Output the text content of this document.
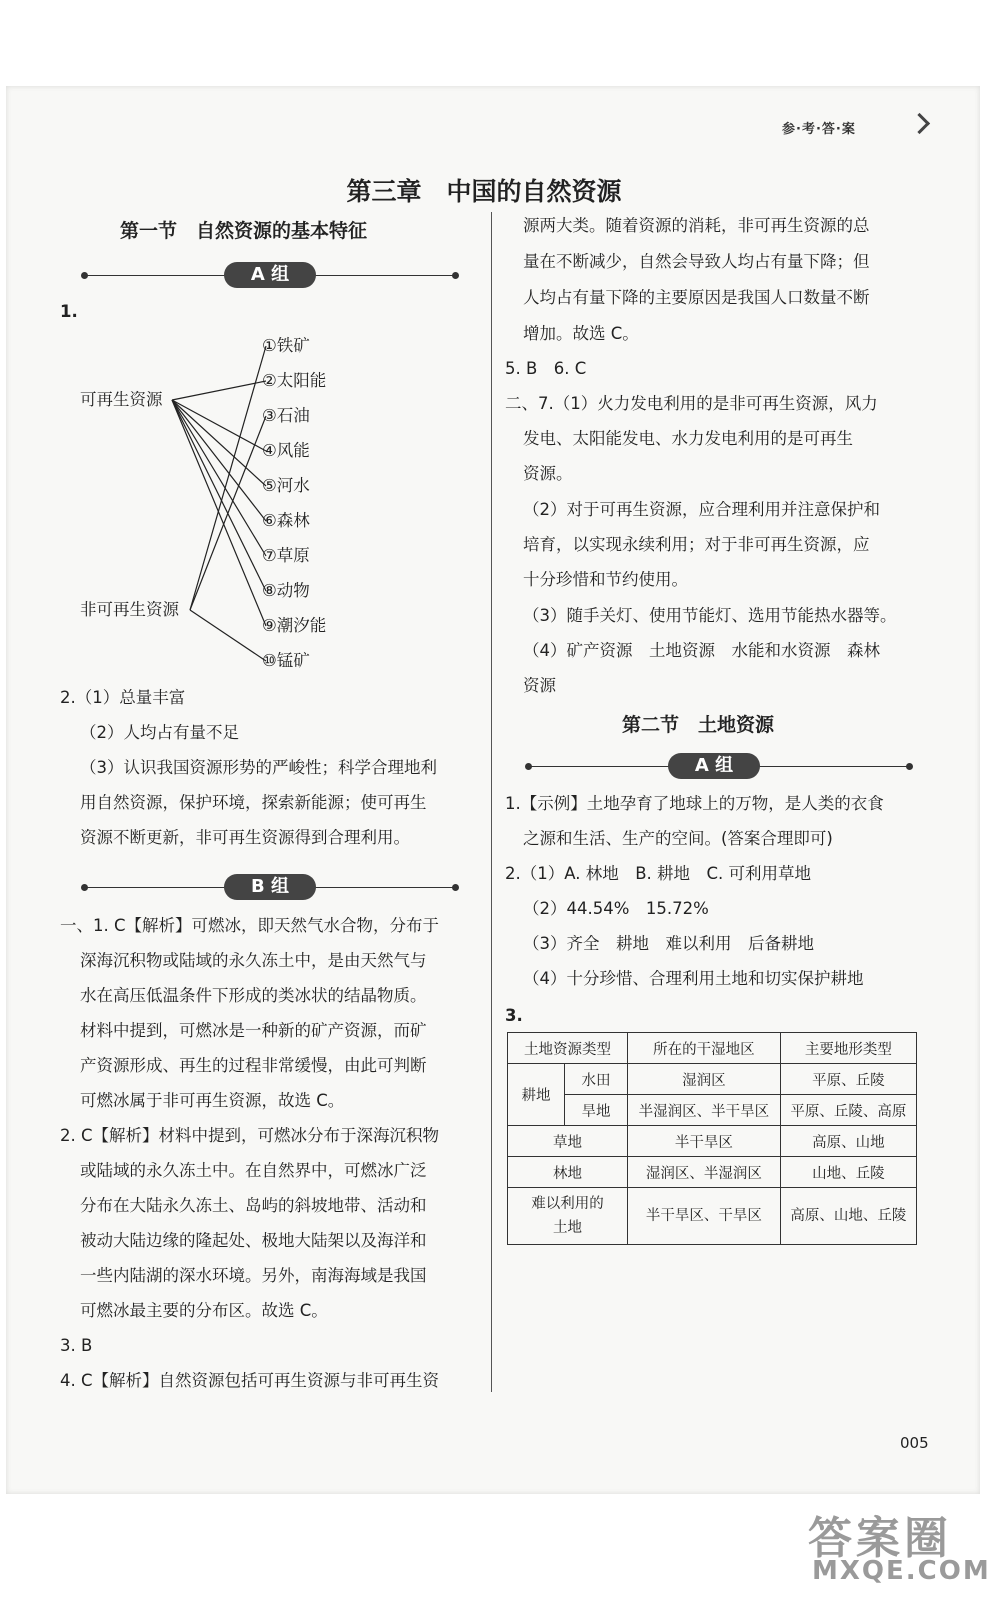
参·考·答·案
第三章　中国的自然资源
第一节　自然资源的基本特征
A 组
1.
可再生资源
非可再生资源
①铁矿
②太阳能
③石油
④风能
⑤河水
⑥森林
⑦草原
⑧动物
⑨潮汐能
⑩锰矿
2.（1）总量丰富
（2）人均占有量不足
（3）认识我国资源形势的严峻性；科学合理地利
用自然资源，保护环境，探索新能源；使可再生
资源不断更新，非可再生资源得到合理利用。
B 组
一、1. C【解析】可燃冰，即天然气水合物，分布于
深海沉积物或陆域的永久冻土中，是由天然气与
水在高压低温条件下形成的类冰状的结晶物质。
材料中提到，可燃冰是一种新的矿产资源，而矿
产资源形成、再生的过程非常缓慢，由此可判断
可燃冰属于非可再生资源，故选 C。
2. C【解析】材料中提到，可燃冰分布于深海沉积物
或陆域的永久冻土中。在自然界中，可燃冰广泛
分布在大陆永久冻土、岛屿的斜坡地带、活动和
被动大陆边缘的隆起处、极地大陆架以及海洋和
一些内陆湖的深水环境。另外，南海海域是我国
可燃冰最主要的分布区。故选 C。
3. B
4. C【解析】自然资源包括可再生资源与非可再生资
源两大类。随着资源的消耗，非可再生资源的总
量在不断减少，自然会导致人均占有量下降；但
人均占有量下降的主要原因是我国人口数量不断
增加。故选 C。
5. B　6. C
二、7.（1）火力发电利用的是非可再生资源，风力
发电、太阳能发电、水力发电利用的是可再生
资源。
（2）对于可再生资源，应合理利用并注意保护和
培育，以实现永续利用；对于非可再生资源，应
十分珍惜和节约使用。
（3）随手关灯、使用节能灯、选用节能热水器等。
（4）矿产资源　土地资源　水能和水资源　森林
资源
第二节　土地资源
A 组
1.【示例】土地孕育了地球上的万物，是人类的衣食
之源和生活、生产的空间。(答案合理即可)
2.（1）A. 林地　B. 耕地　C. 可利用草地
（2）44.54%　15.72%
（3）齐全　耕地　难以利用　后备耕地
（4）十分珍惜、合理利用土地和切实保护耕地
3.
土地资源类型		所在的干湿地区	主要地形类型
耕地	水田	湿润区	平原、丘陵
	旱地	半湿润区、半干旱区	平原、丘陵、高原
草地		半干旱区	高原、山地
林地		湿润区、半湿润区	山地、丘陵
难以利用的土地		半干旱区、干旱区	高原、山地、丘陵
005
答案圈
MXQE.COM
